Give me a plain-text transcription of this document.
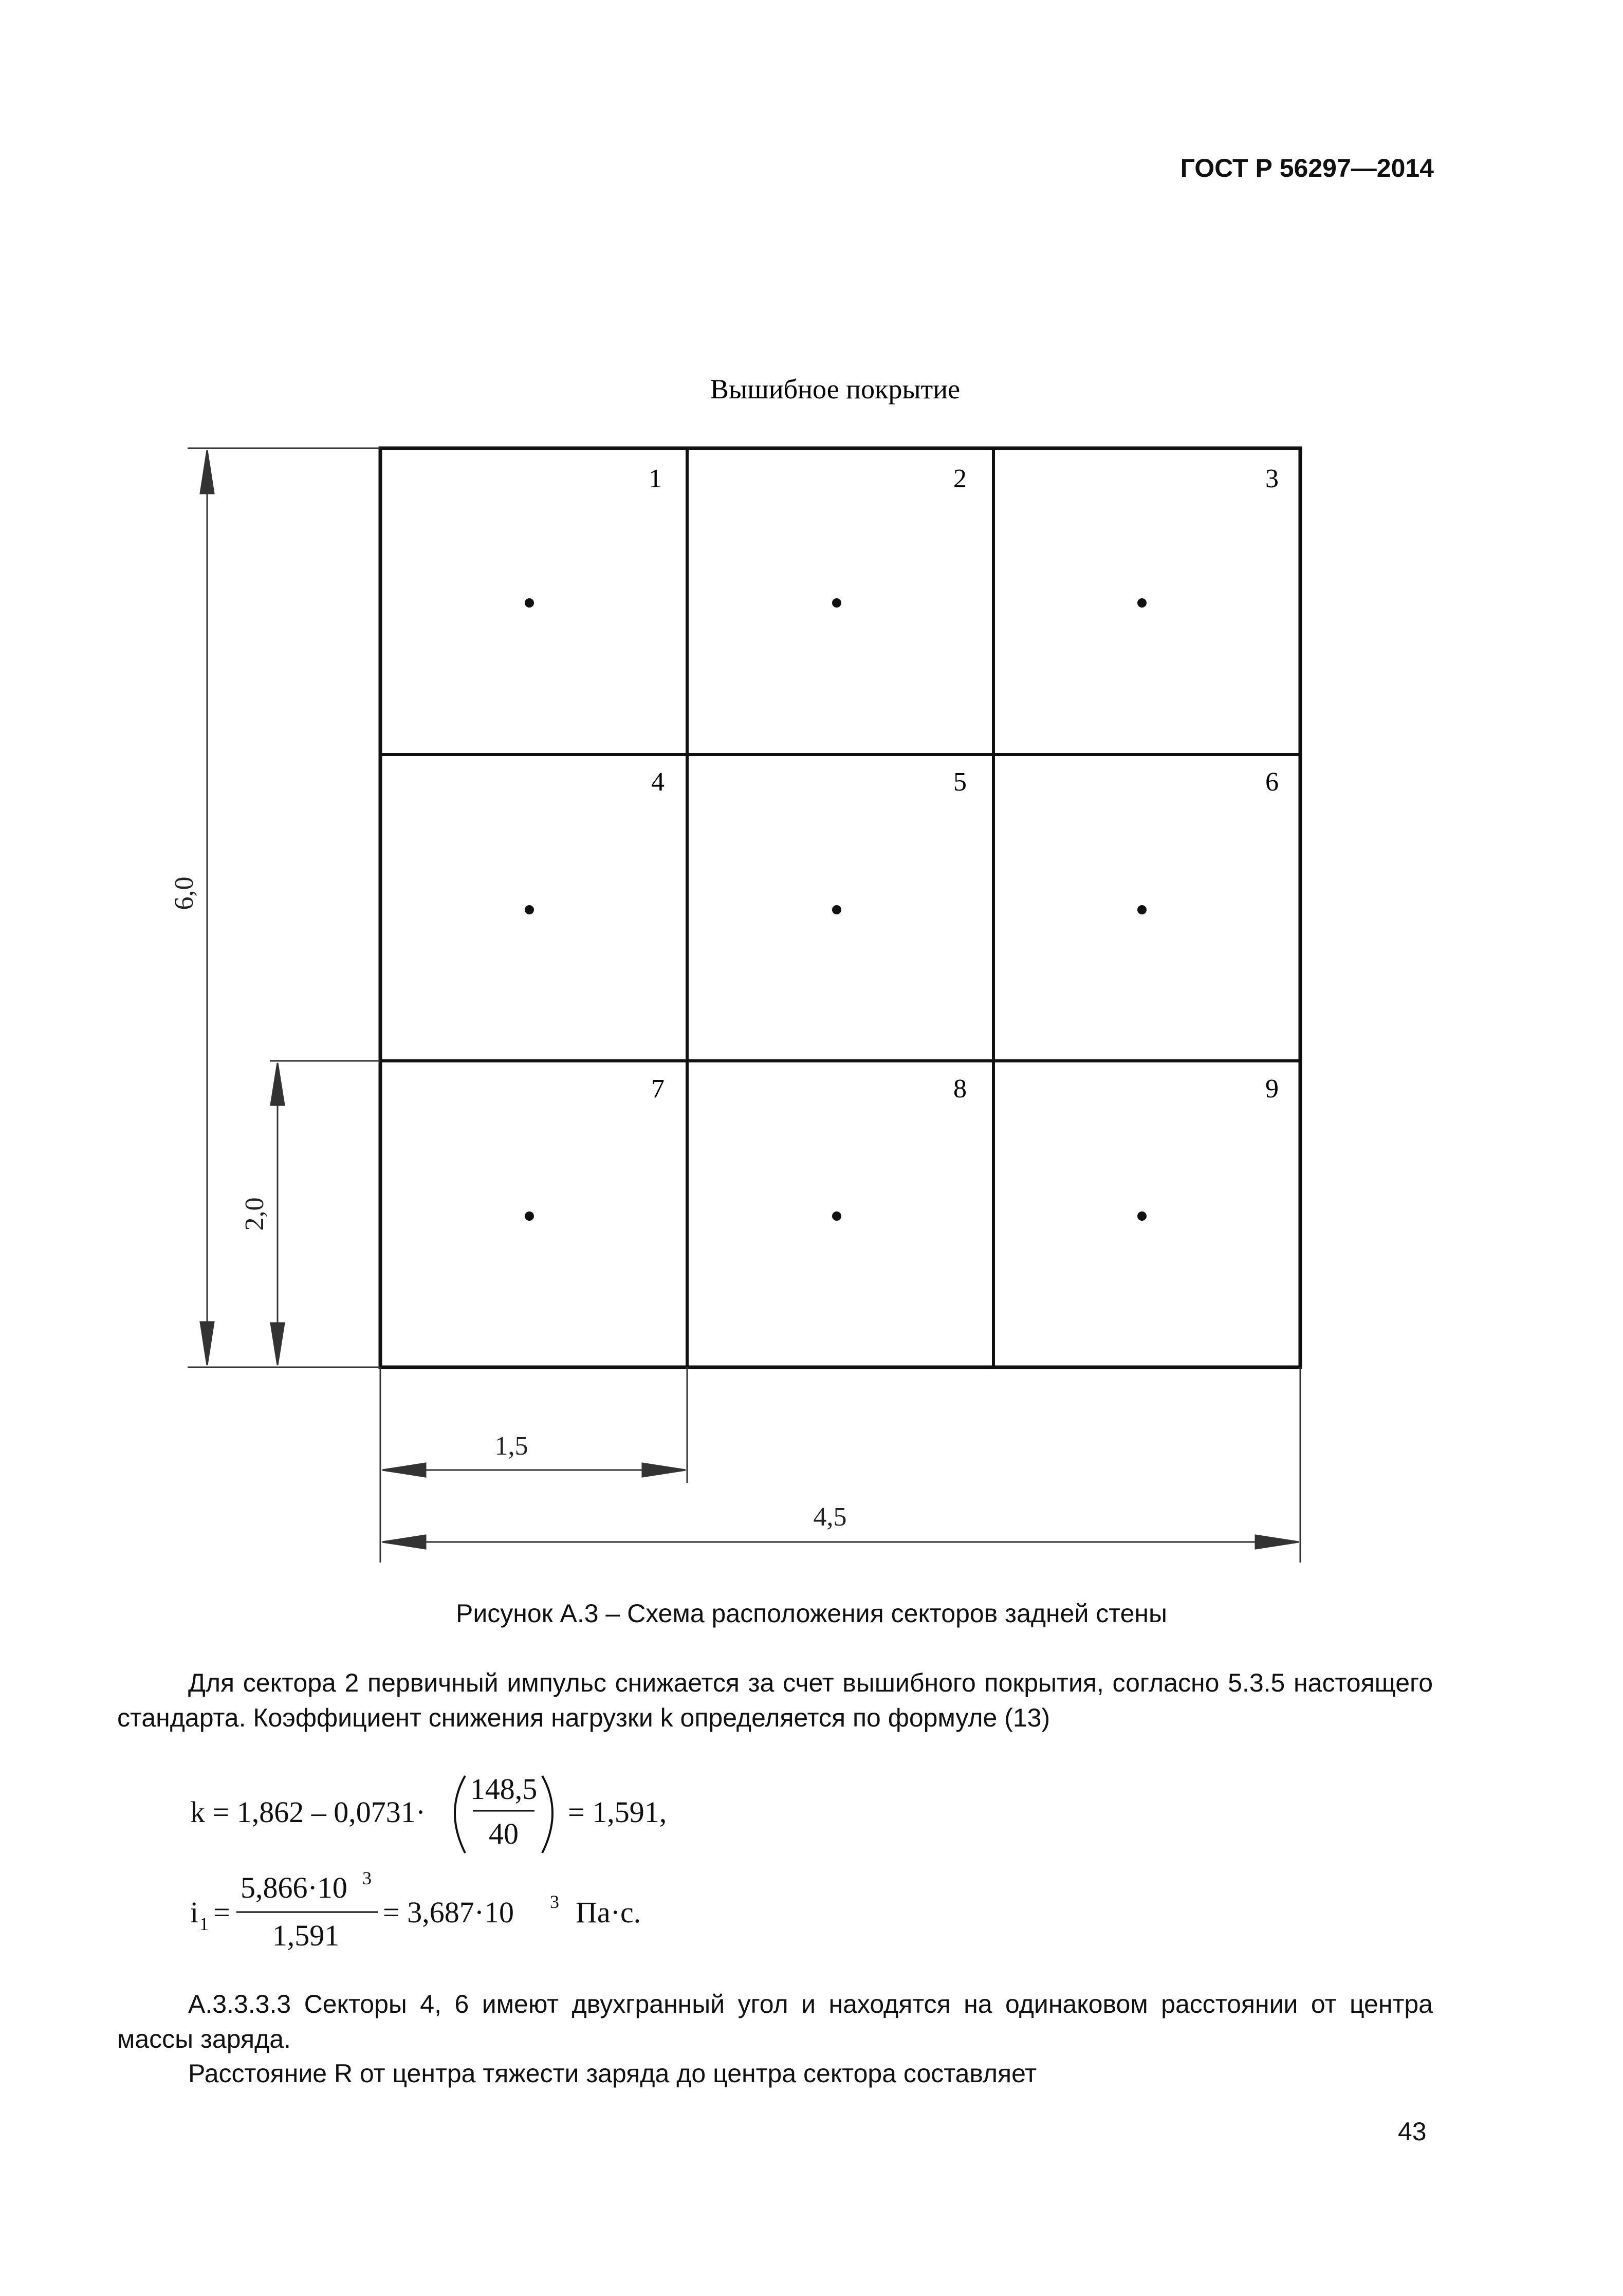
ГОСТ Р 56297—2014
Вышибное покрытие
1	2	3
4	5	6
7	8	9
6,0
2,0
1,5
4,5
Рисунок А.3 – Схема расположения секторов задней стены
Для сектора 2 первичный импульс снижается за счет вышибного покрытия, согласно 5.3.5 настоящего стандарта. Коэффициент снижения нагрузки k определяется по формуле (13)
k = 1,862 – 0,0731·
148,5
40
= 1,591,
i 1 =
5,866·10 3
1,591
= 3,687·10 3 Па·с.
А.3.3.3.3 Секторы 4, 6 имеют двухгранный угол и находятся на одинаковом расстоянии от центра массы заряда.
Расстояние R от центра тяжести заряда до центра сектора составляет
43
